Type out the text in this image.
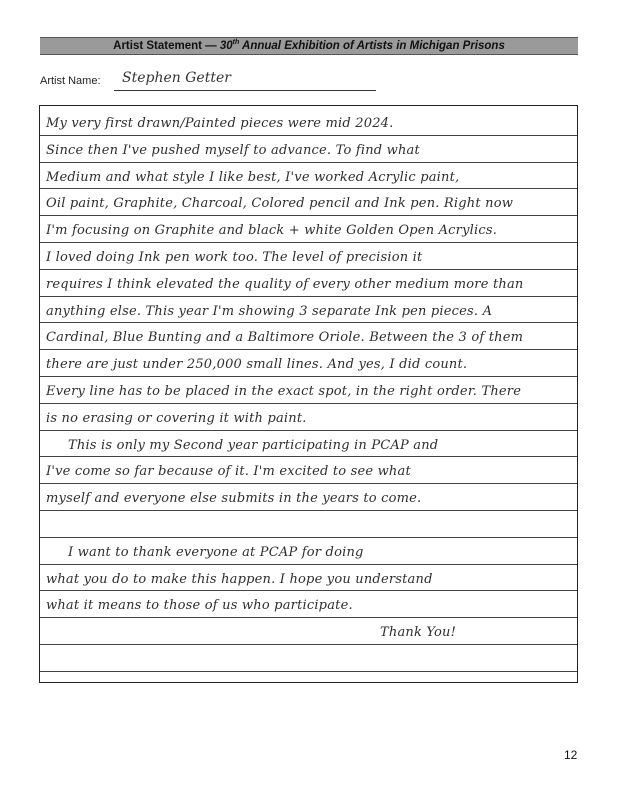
Artist Statement — 30th Annual Exhibition of Artists in Michigan Prisons
Artist Name: Stephen Getter
My very first drawn/Painted pieces were mid 2024.
Since then I've pushed myself to advance. To find what
Medium and what style I like best, I've worked Acrylic paint,
Oil paint, Graphite, Charcoal, Colored pencil and Ink pen. Right now
I'm focusing on Graphite and black + white Golden Open Acrylics.
I loved doing Ink pen work too. The level of precision it
requires I think elevated the quality of every other medium more than
anything else. This year I'm showing 3 separate Ink pen pieces. A
Cardinal, Blue Bunting and a Baltimore Oriole. Between the 3 of them
there are just under 250,000 small lines. And yes, I did count.
Every line has to be placed in the exact spot, in the right order. There
is no erasing or covering it with paint.
This is only my Second year participating in PCAP and
I've come so far because of it. I'm excited to see what
myself and everyone else submits in the years to come.
I want to thank everyone at PCAP for doing
what you do to make this happen. I hope you understand
what it means to those of us who participate.
Thank You!
12
